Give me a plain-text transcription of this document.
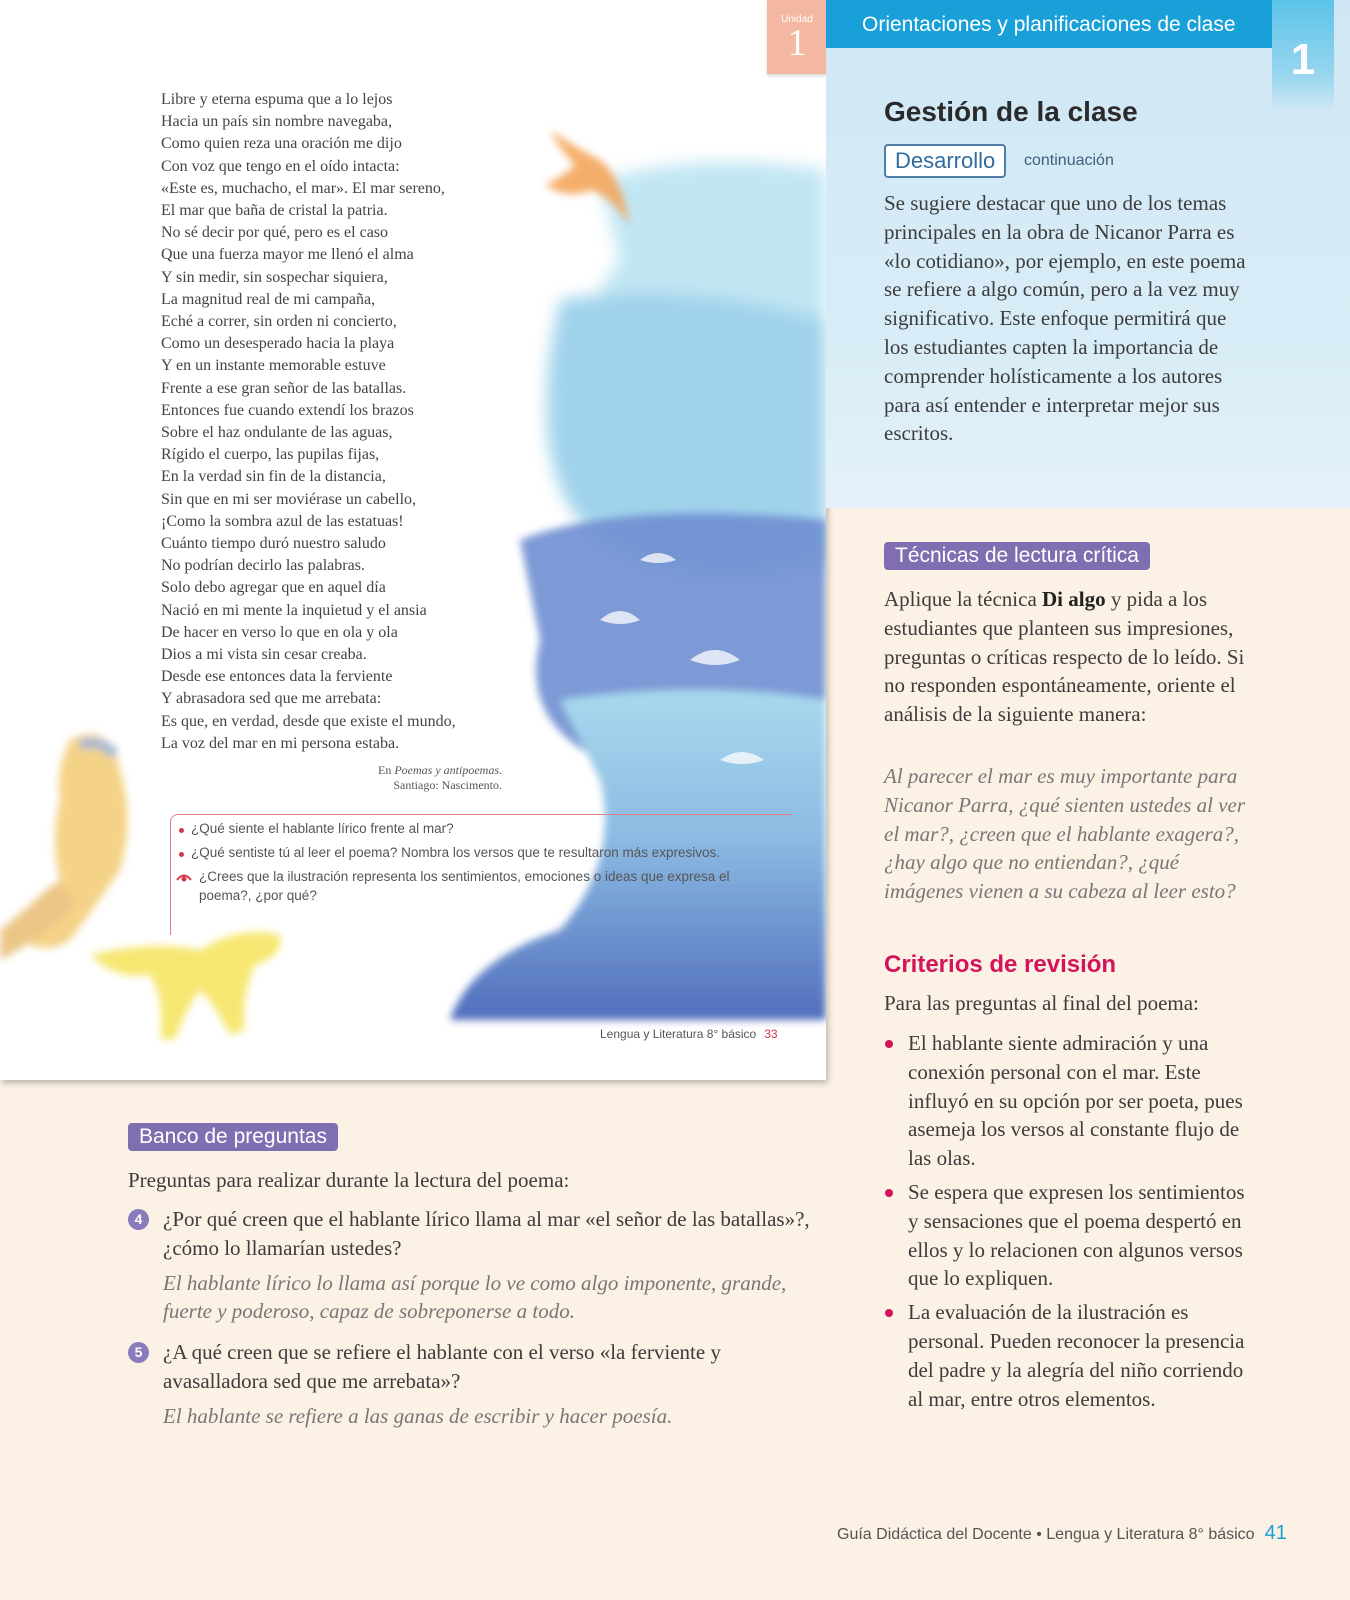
Unidad
1
Libre y eterna espuma que a lo lejos
Hacia un país sin nombre navegaba,
Como quien reza una oración me dijo
Con voz que tengo en el oído intacta:
«Este es, muchacho, el mar». El mar sereno,
El mar que baña de cristal la patria.
No sé decir por qué, pero es el caso
Que una fuerza mayor me llenó el alma
Y sin medir, sin sospechar siquiera,
La magnitud real de mi campaña,
Eché a correr, sin orden ni concierto,
Como un desesperado hacia la playa
Y en un instante memorable estuve
Frente a ese gran señor de las batallas.
Entonces fue cuando extendí los brazos
Sobre el haz ondulante de las aguas,
Rígido el cuerpo, las pupilas fijas,
En la verdad sin fin de la distancia,
Sin que en mi ser moviérase un cabello,
¡Como la sombra azul de las estatuas!
Cuánto tiempo duró nuestro saludo
No podrían decirlo las palabras.
Solo debo agregar que en aquel día
Nació en mi mente la inquietud y el ansia
De hacer en verso lo que en ola y ola
Dios a mi vista sin cesar creaba.
Desde ese entonces data la ferviente
Y abrasadora sed que me arrebata:
Es que, en verdad, desde que existe el mundo,
La voz del mar en mi persona estaba.
En Poemas y antipoemas.
Santiago: Nascimento.
¿Qué siente el hablante lírico frente al mar?
¿Qué sentiste tú al leer el poema? Nombra los versos que te resultaron más expresivos.
¿Crees que la ilustración representa los sentimientos, emociones o ideas que expresa el poema?, ¿por qué?
Lengua y Literatura 8° básico 33
Orientaciones y planificaciones de clase
1
Gestión de la clase
Desarrollo	continuación
Se sugiere destacar que uno de los temas principales en la obra de Nicanor Parra es «lo cotidiano», por ejemplo, en este poema se refiere a algo común, pero a la vez muy significativo. Este enfoque permitirá que los estudiantes capten la importancia de comprender holísticamente a los autores para así entender e interpretar mejor sus escritos.
Técnicas de lectura crítica
Aplique la técnica Di algo y pida a los estudiantes que planteen sus impresiones, preguntas o críticas respecto de lo leído. Si no responden espontáneamente, oriente el análisis de la siguiente manera:
Al parecer el mar es muy importante para Nicanor Parra, ¿qué sienten ustedes al ver el mar?, ¿creen que el hablante exagera?, ¿hay algo que no entiendan?, ¿qué imágenes vienen a su cabeza al leer esto?
Criterios de revisión
Para las preguntas al final del poema:
El hablante siente admiración y una conexión personal con el mar. Este influyó en su opción por ser poeta, pues asemeja los versos al constante flujo de las olas.
Se espera que expresen los sentimientos y sensaciones que el poema despertó en ellos y lo relacionen con algunos versos que lo expliquen.
La evaluación de la ilustración es personal. Pueden reconocer la presencia del padre y la alegría del niño corriendo al mar, entre otros elementos.
Banco de preguntas
Preguntas para realizar durante la lectura del poema:
4 ¿Por qué creen que el hablante lírico llama al mar «el señor de las batallas»?, ¿cómo lo llamarían ustedes?
El hablante lírico lo llama así porque lo ve como algo imponente, grande, fuerte y poderoso, capaz de sobreponerse a todo.
5 ¿A qué creen que se refiere el hablante con el verso «la ferviente y avasalladora sed que me arrebata»?
El hablante se refiere a las ganas de escribir y hacer poesía.
Guía Didáctica del Docente • Lengua y Literatura 8° básico 41
